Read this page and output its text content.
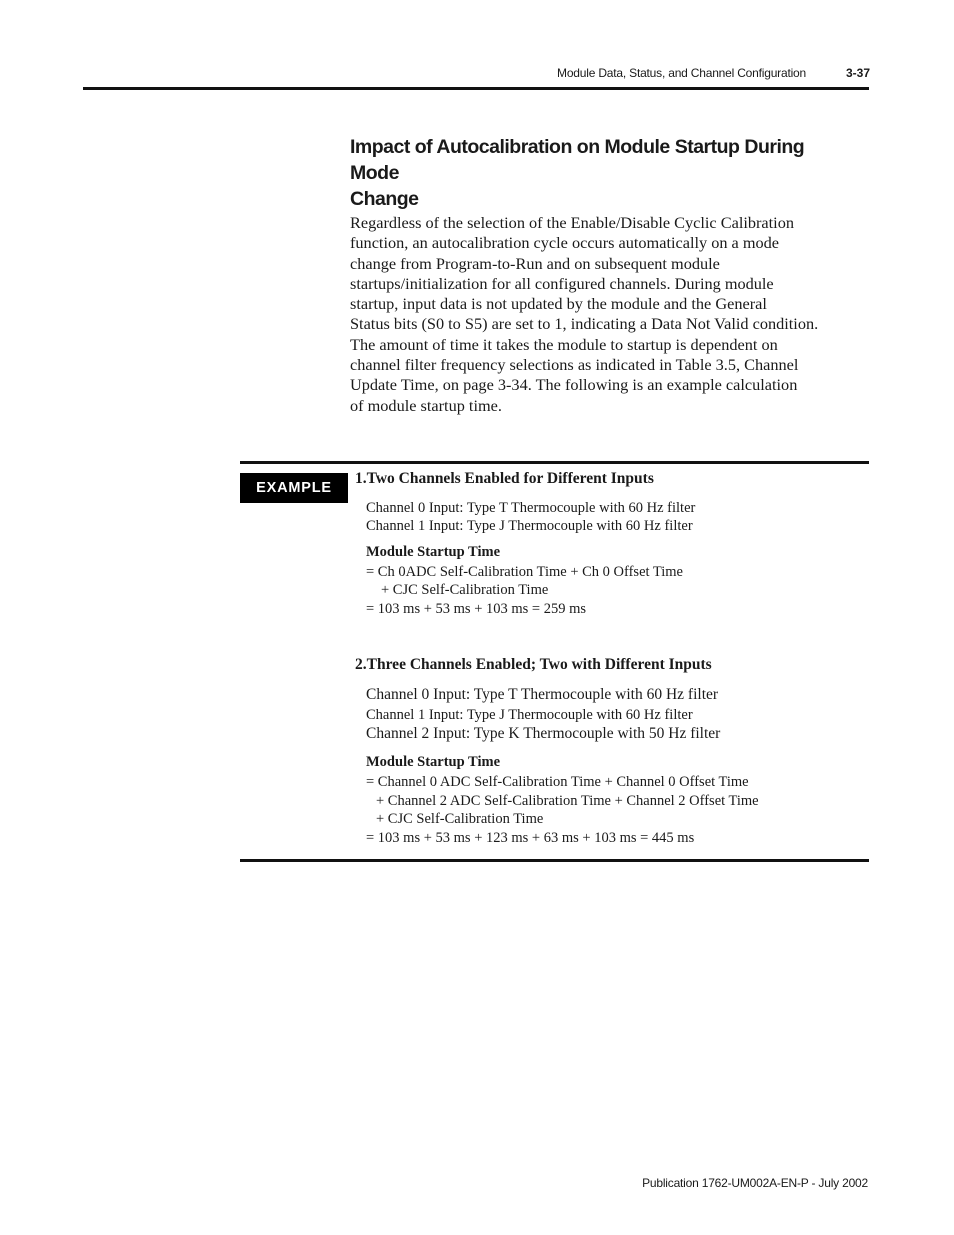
Module Data, Status, and Channel Configuration	3-37
Impact of Autocalibration on Module Startup During Mode
Change
Regardless of the selection of the Enable/Disable Cyclic Calibration
function, an autocalibration cycle occurs automatically on a mode
change from Program-to-Run and on subsequent module
startups/initialization for all configured channels. During module
startup, input data is not updated by the module and the General
Status bits (S0 to S5) are set to 1, indicating a Data Not Valid condition.
The amount of time it takes the module to startup is dependent on
channel filter frequency selections as indicated in Table 3.5, Channel
Update Time, on page 3-34. The following is an example calculation
of module startup time.
EXAMPLE
1.Two Channels Enabled for Different Inputs
Channel 0 Input: Type T Thermocouple with 60 Hz filter
Channel 1 Input: Type J Thermocouple with 60 Hz filter
Module Startup Time
= Ch 0ADC Self-Calibration Time + Ch 0 Offset Time
+ CJC Self-Calibration Time
= 103 ms + 53 ms + 103 ms = 259 ms
2.Three Channels Enabled; Two with Different Inputs
Channel 0 Input: Type T Thermocouple with 60 Hz filter
Channel 1 Input: Type J Thermocouple with 60 Hz filter
Channel 2 Input: Type K Thermocouple with 50 Hz filter
Module Startup Time
= Channel 0 ADC Self-Calibration Time + Channel 0 Offset Time
+ Channel 2 ADC Self-Calibration Time + Channel 2 Offset Time
+ CJC Self-Calibration Time
= 103 ms + 53 ms + 123 ms + 63 ms + 103 ms = 445 ms
Publication 1762-UM002A-EN-P - July 2002
